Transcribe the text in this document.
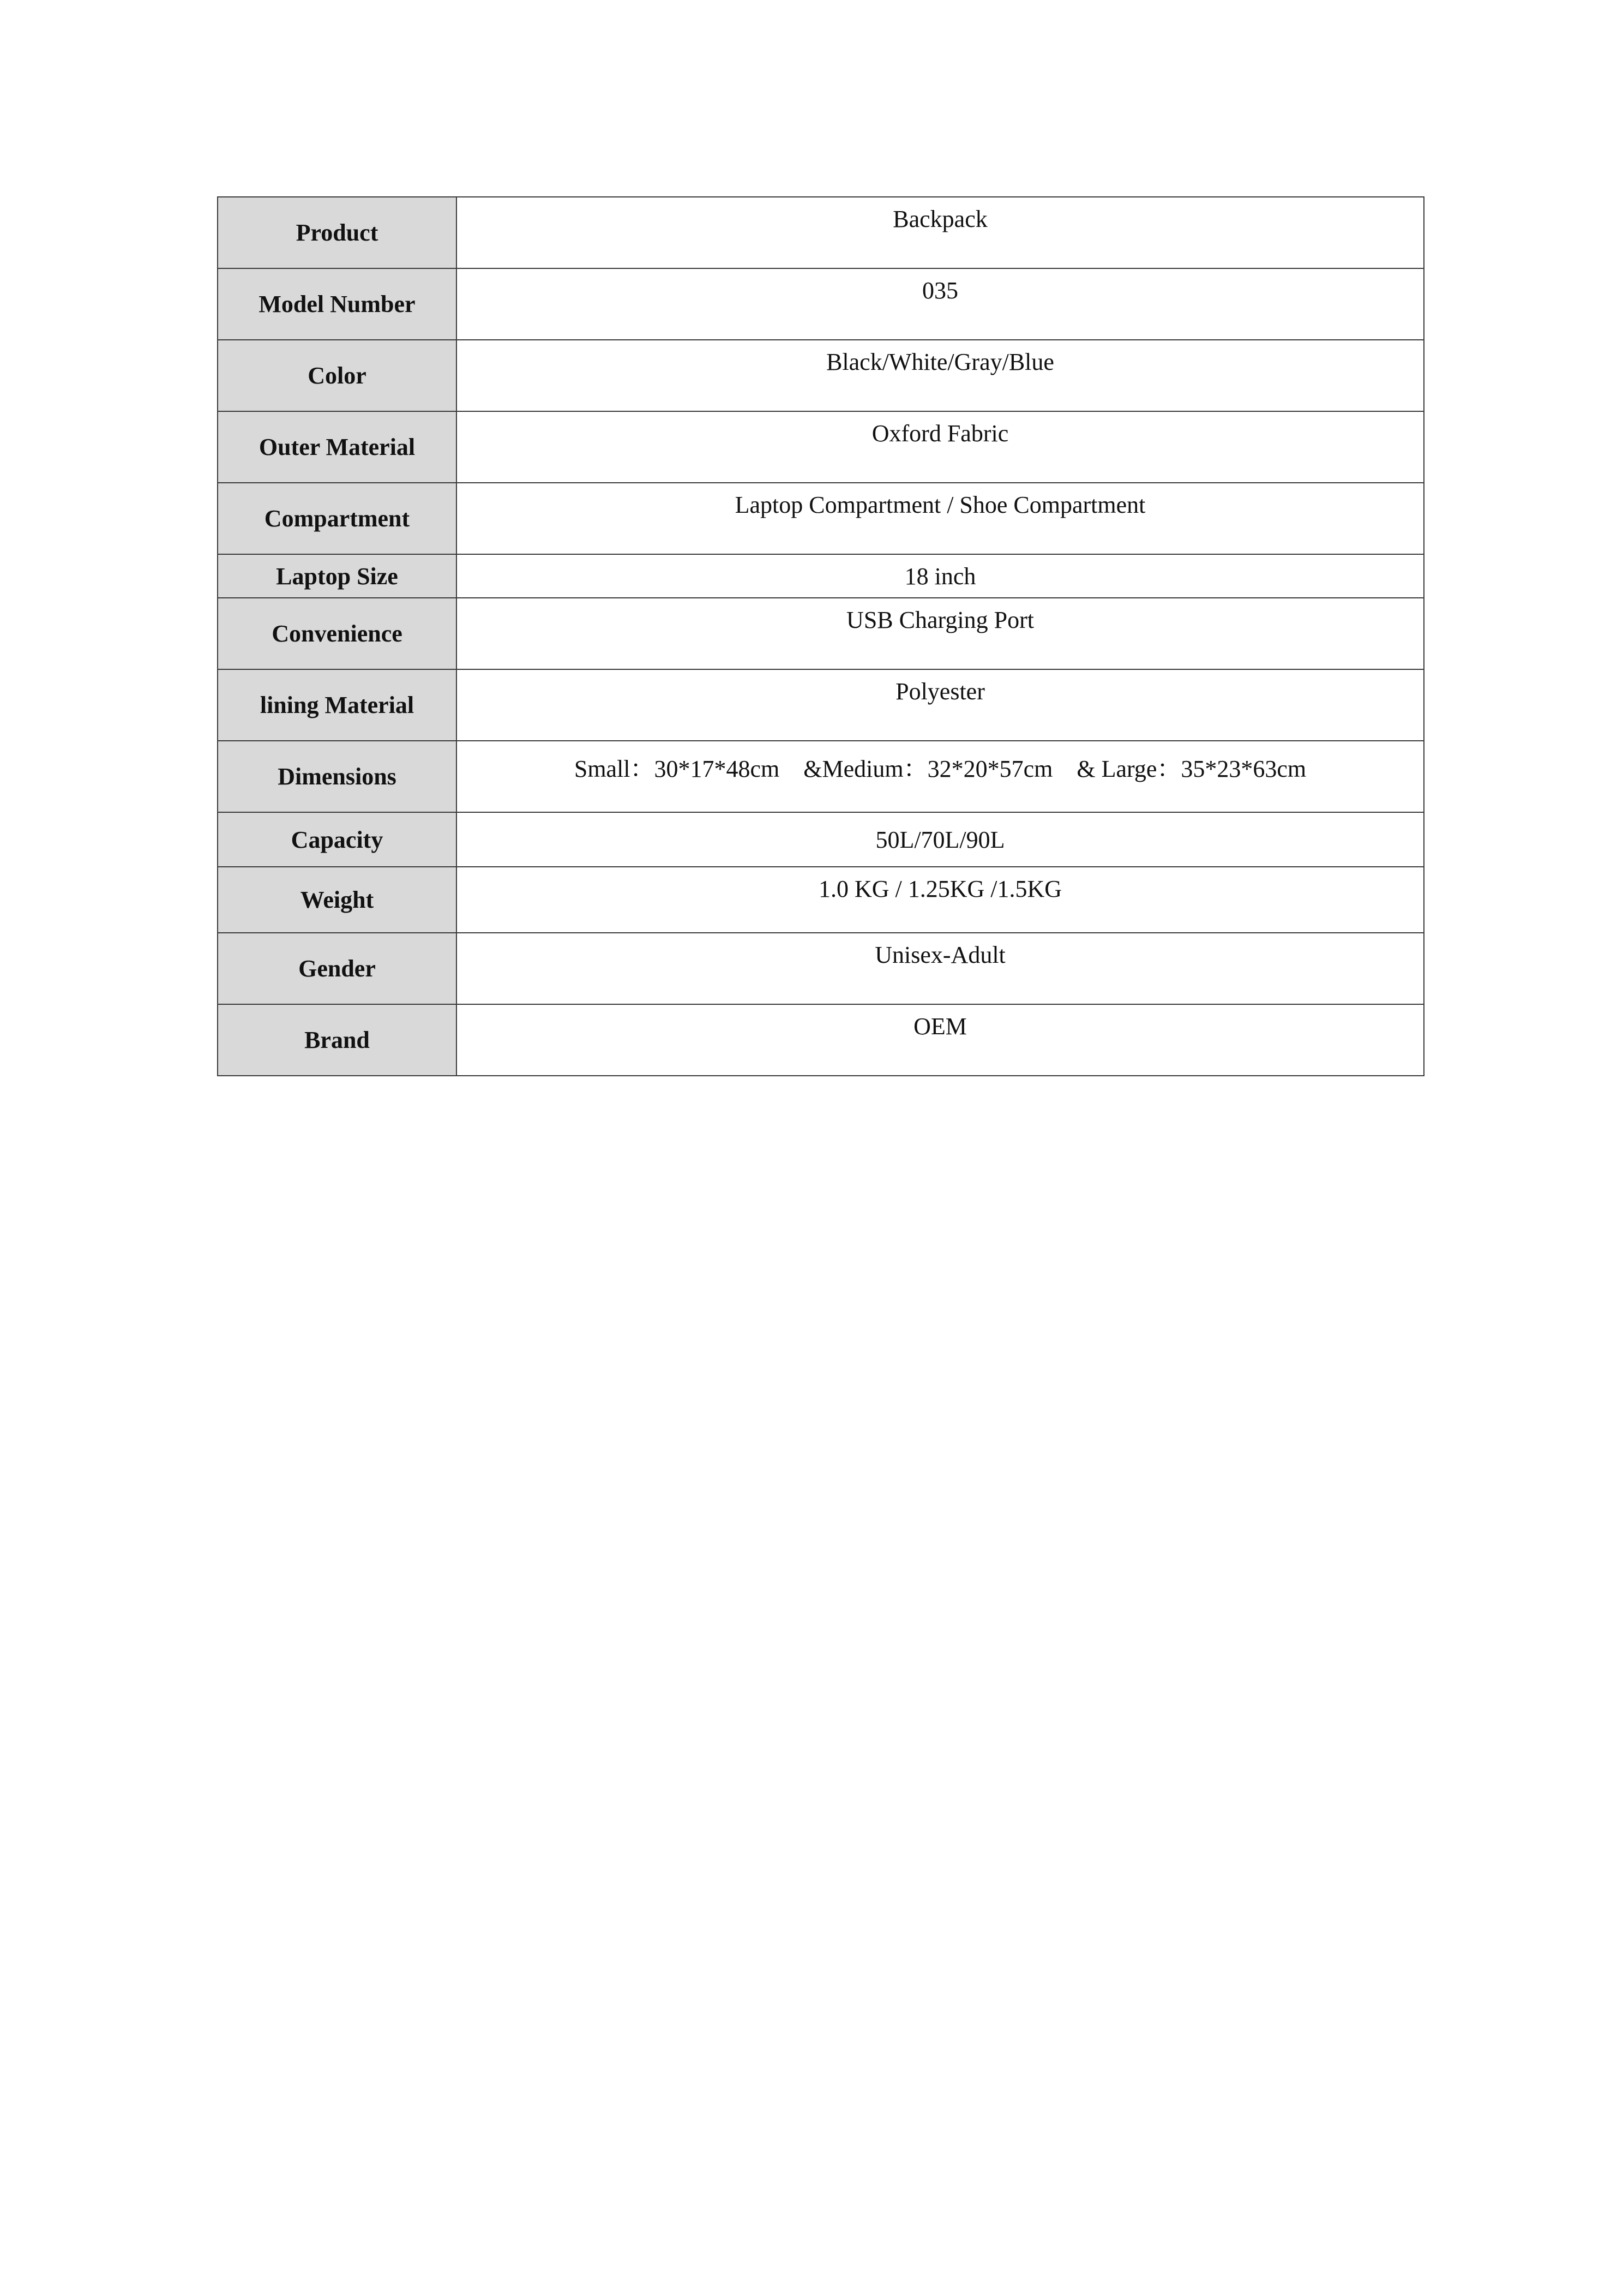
Product	Backpack

Model Number	035

Color	Black/White/Gray/Blue

Outer Material	Oxford Fabric

Compartment	Laptop Compartment / Shoe Compartment

Laptop Size	18 inch

Convenience	USB Charging Port

lining Material	Polyester

Dimensions	Small：30*17*48cm    &Medium：32*20*57cm    & Large：35*23*63cm

Capacity	50L/70L/90L

Weight	1.0 KG / 1.25KG /1.5KG

Gender	Unisex-Adult

Brand	OEM
